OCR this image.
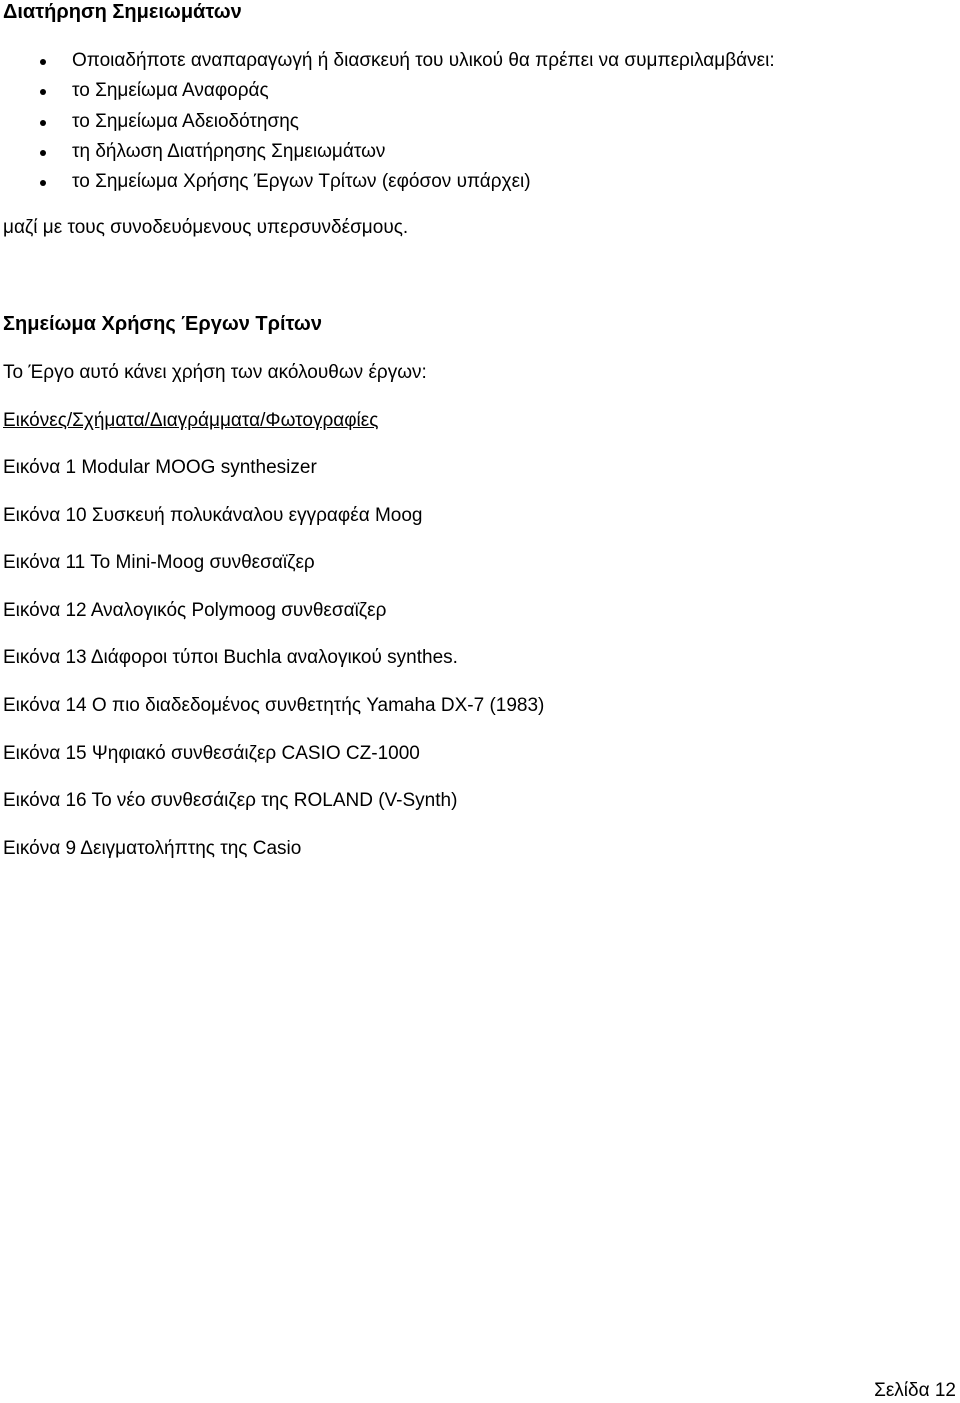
Διατήρηση Σημειωμάτων
Οποιαδήποτε αναπαραγωγή ή διασκευή του υλικού θα πρέπει να συμπεριλαμβάνει:
το Σημείωμα Αναφοράς
το Σημείωμα Αδειοδότησης
τη δήλωση Διατήρησης Σημειωμάτων
το Σημείωμα Χρήσης Έργων Τρίτων (εφόσον υπάρχει)
μαζί με τους συνοδευόμενους υπερσυνδέσμους.
Σημείωμα Χρήσης Έργων Τρίτων
Το Έργο αυτό κάνει χρήση των ακόλουθων έργων:
Εικόνες/Σχήματα/Διαγράμματα/Φωτογραφίες
Εικόνα 1 Modular MOOG synthesizer
Εικόνα 10 Συσκευή πολυκάναλου εγγραφέα Moog
Εικόνα 11 Το Mini-Moog συνθεσαϊζερ
Εικόνα 12 Αναλογικός Polymoog συνθεσαϊζερ
Εικόνα 13 Διάφοροι τύποι Buchla αναλογικού synthes.
Εικόνα 14 Ο πιο διαδεδομένος συνθετητής Yamaha DX-7 (1983)
Εικόνα 15 Ψηφιακό συνθεσάιζερ CASIO CZ-1000
Εικόνα 16 Το νέο συνθεσάιζερ της ROLAND (V-Synth)
Εικόνα 9 Δειγματολήπτης της Casio
Σελίδα 12
